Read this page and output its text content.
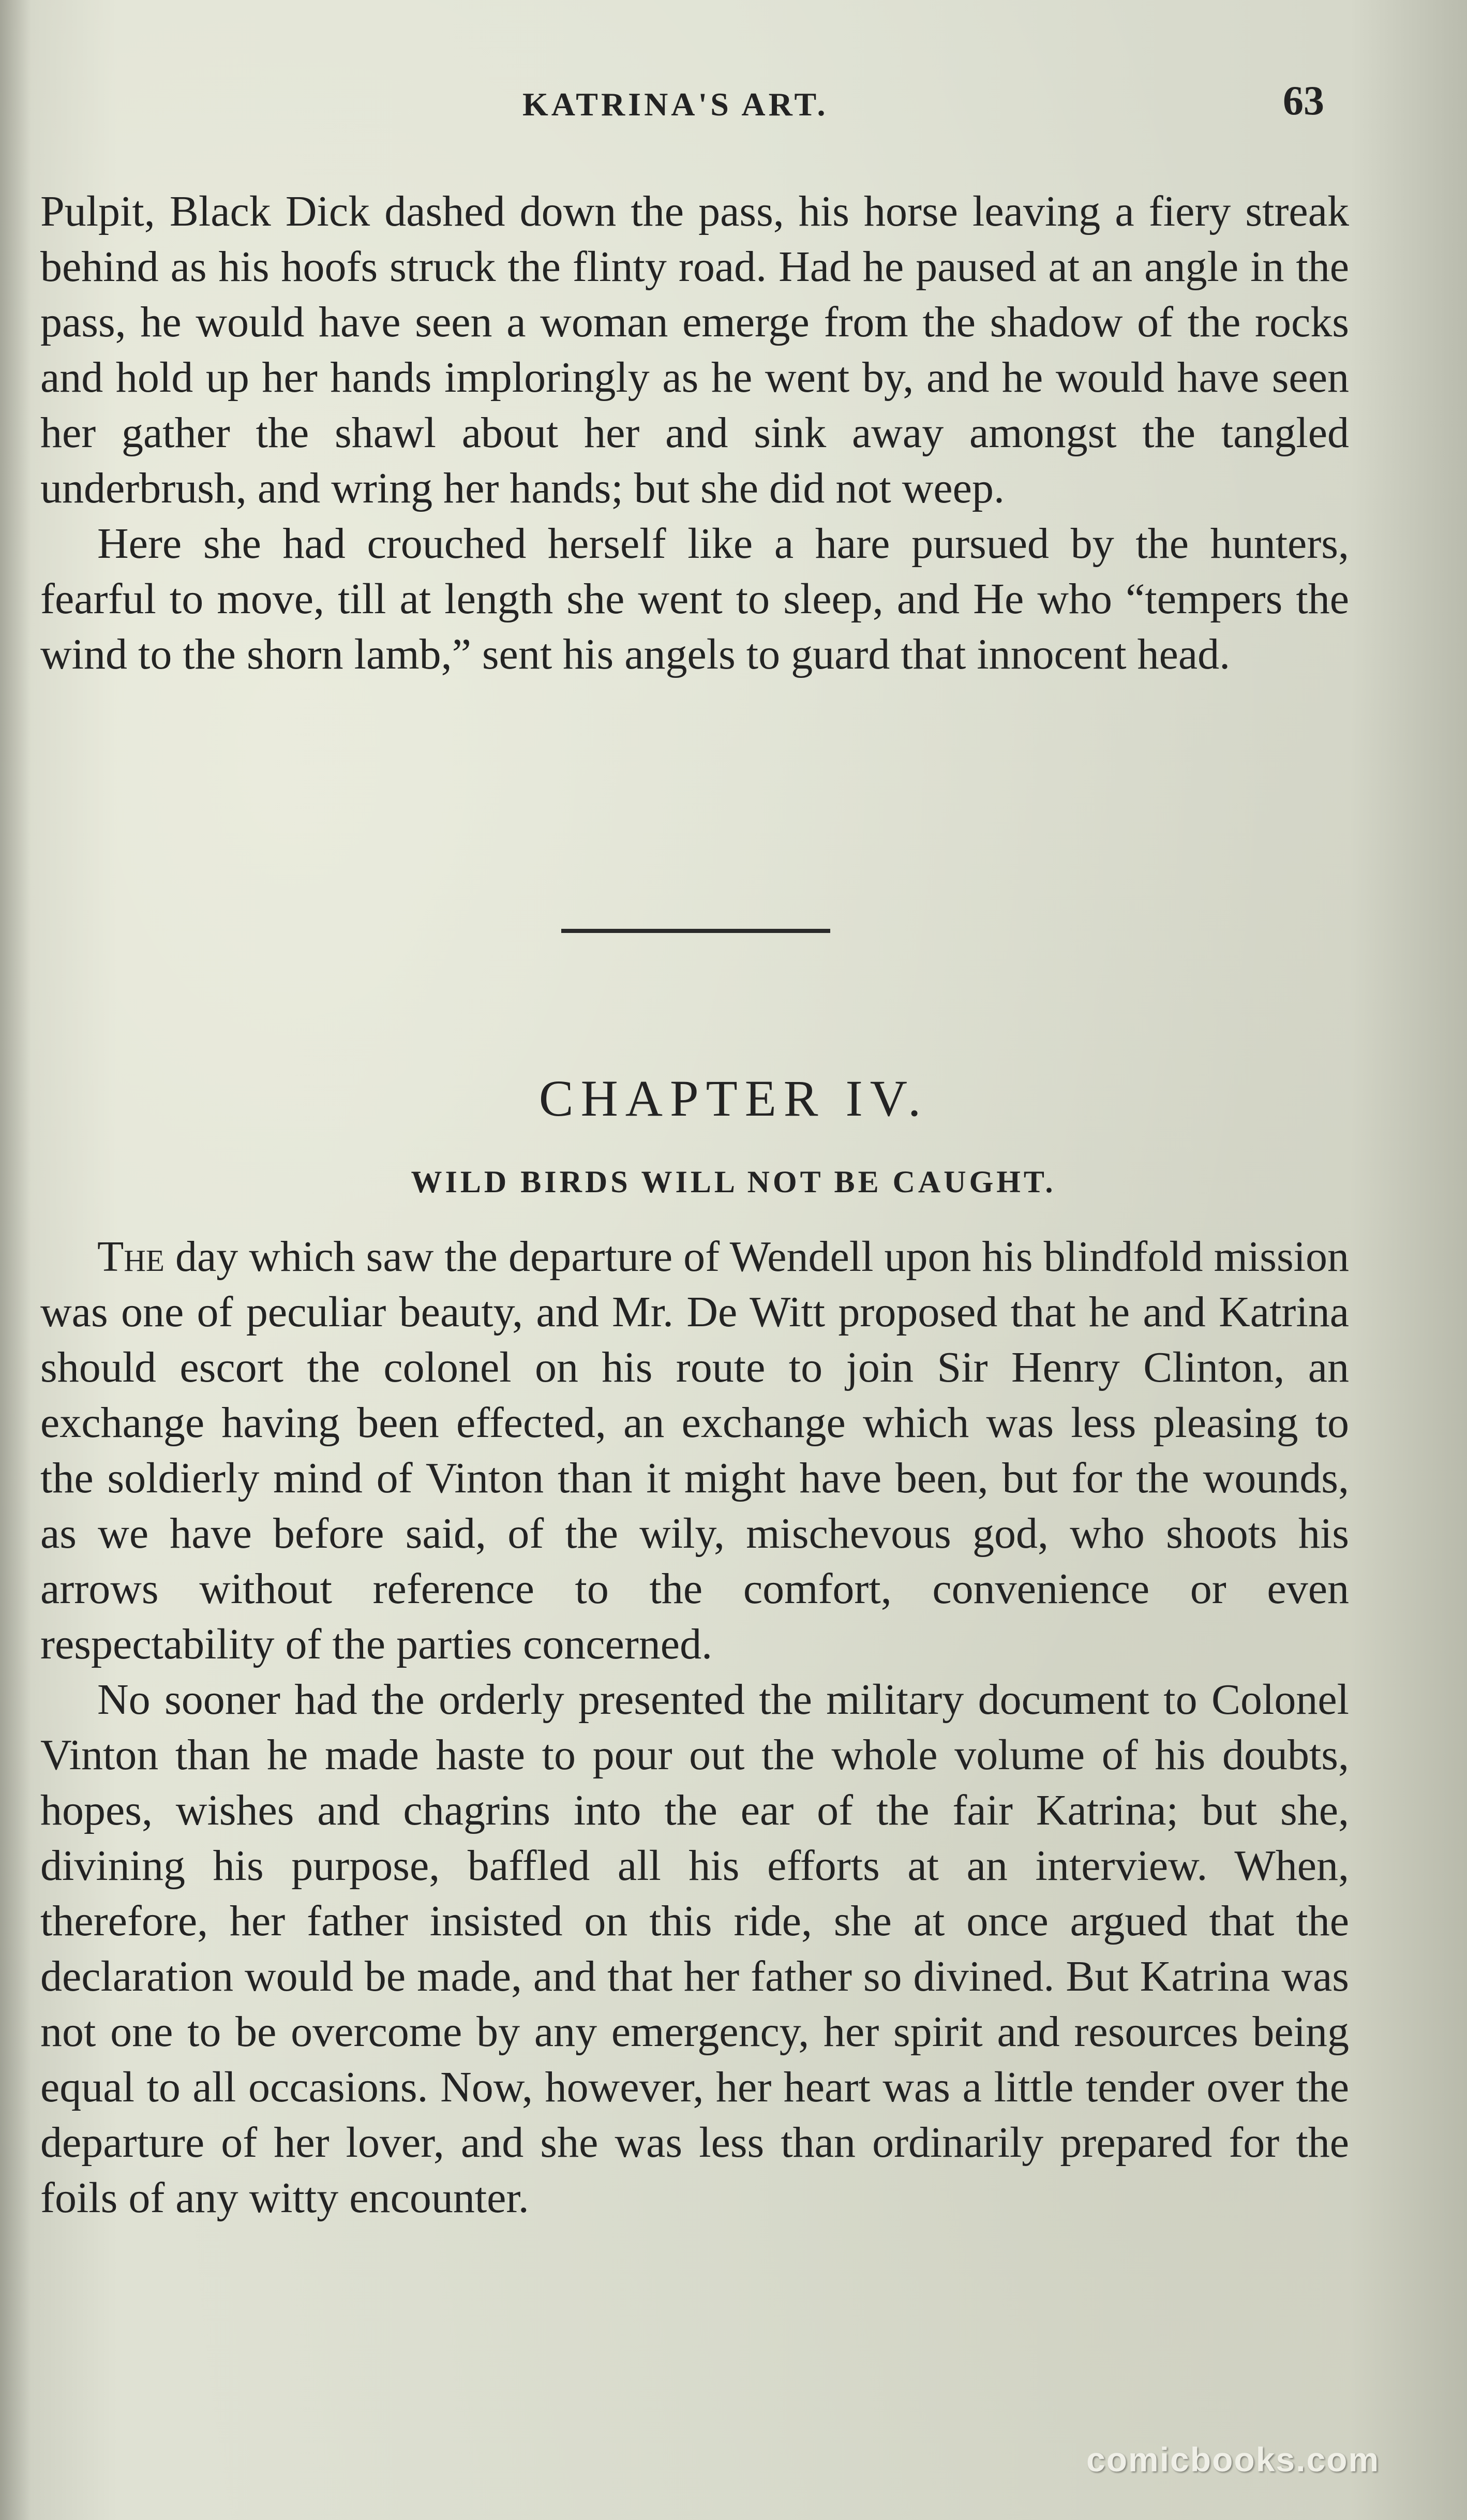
KATRINA'S ART.	63

Pulpit, Black Dick dashed down the pass, his horse leaving a fiery streak behind as his hoofs struck the flinty road. Had he paused at an angle in the pass, he would have seen a woman emerge from the shadow of the rocks and hold up her hands imploringly as he went by, and he would have seen her gather the shawl about her and sink away amongst the tangled underbrush, and wring her hands; but she did not weep.

Here she had crouched herself like a hare pursued by the hunters, fearful to move, till at length she went to sleep, and He who “tempers the wind to the shorn lamb,” sent his angels to guard that innocent head.

CHAPTER IV.
WILD BIRDS WILL NOT BE CAUGHT.

The day which saw the departure of Wendell upon his blindfold mission was one of peculiar beauty, and Mr. De Witt proposed that he and Katrina should escort the colonel on his route to join Sir Henry Clinton, an exchange having been effected, an exchange which was less pleasing to the soldierly mind of Vinton than it might have been, but for the wounds, as we have before said, of the wily, mischevous god, who shoots his arrows without reference to the comfort, convenience or even respectability of the parties concerned.

No sooner had the orderly presented the military document to Colonel Vinton than he made haste to pour out the whole volume of his doubts, hopes, wishes and chagrins into the ear of the fair Katrina; but she, divining his purpose, baffled all his efforts at an interview. When, therefore, her father insisted on this ride, she at once argued that the declaration would be made, and that her father so divined. But Katrina was not one to be overcome by any emergency, her spirit and resources being equal to all occasions. Now, however, her heart was a little tender over the departure of her lover, and she was less than ordinarily prepared for the foils of any witty encounter.

comicbooks.com
